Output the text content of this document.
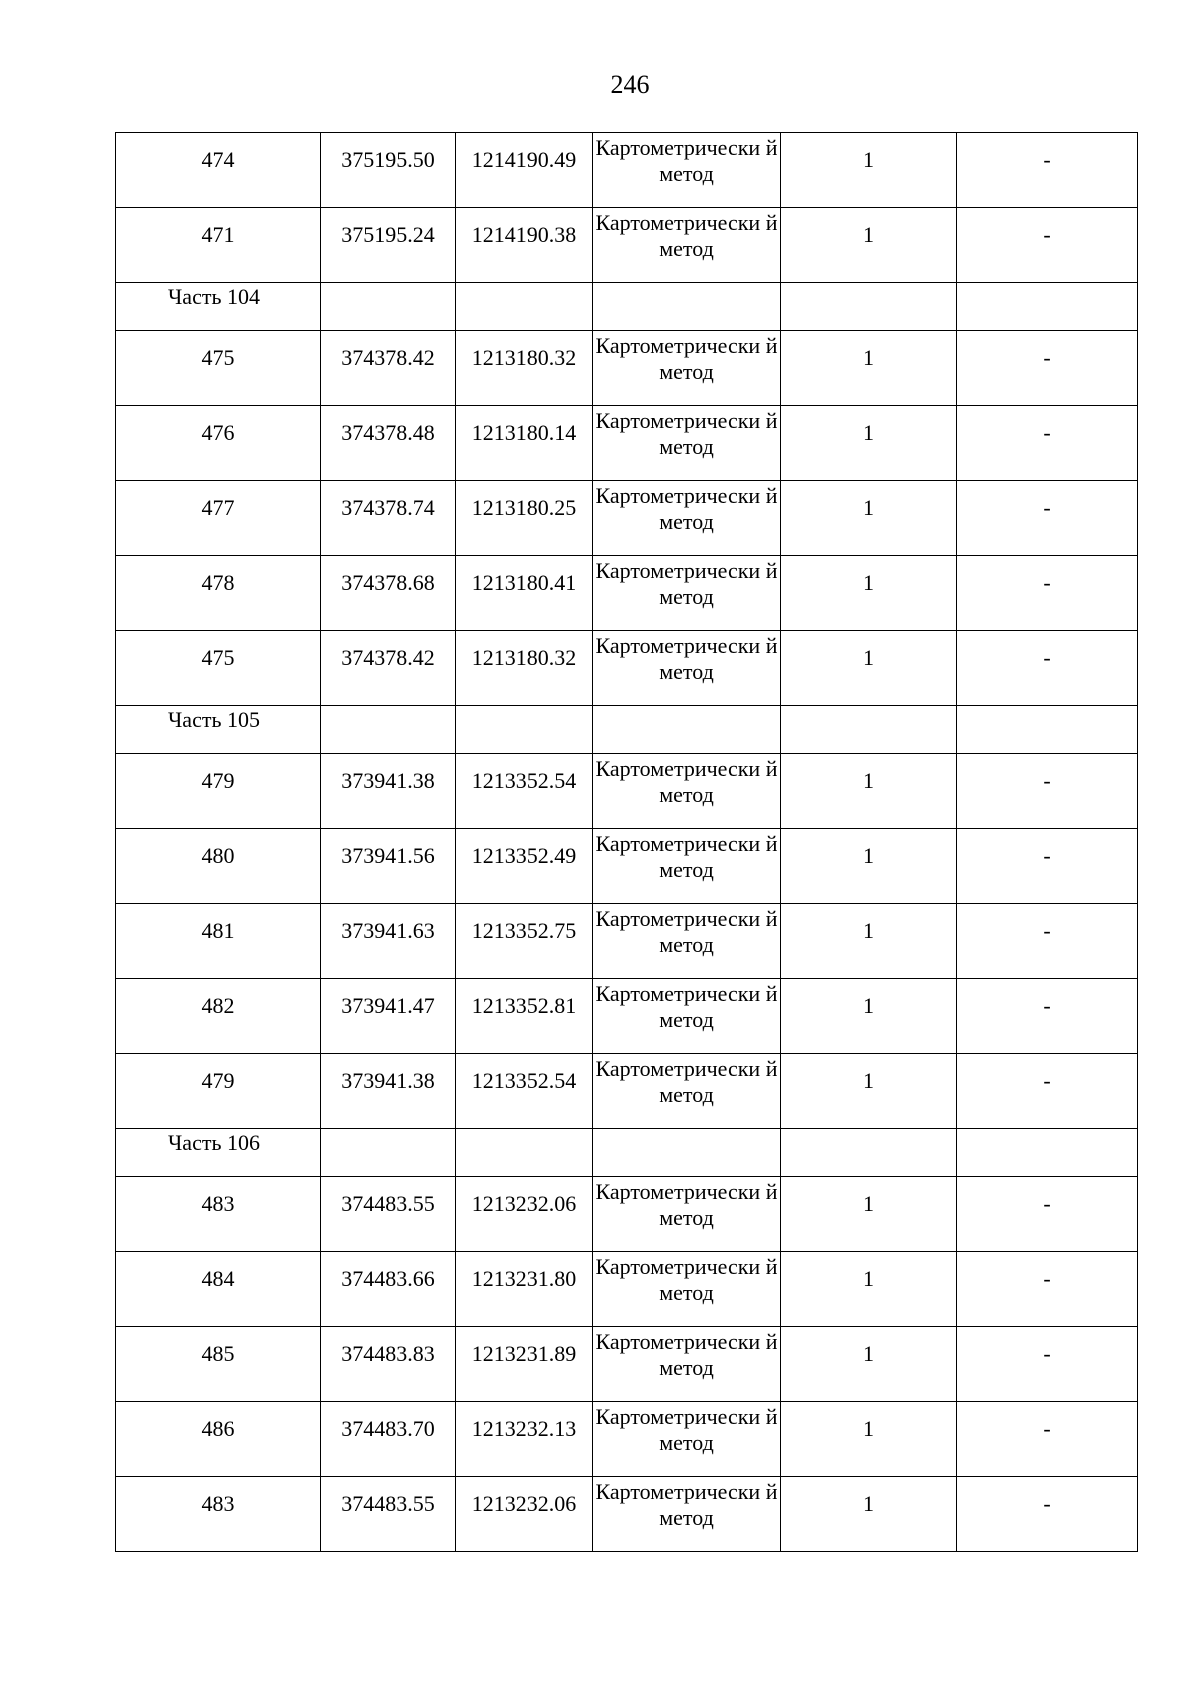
246
474	375195.50	1214190.49	Картометрически й метод	1	-
471	375195.24	1214190.38	Картометрически й метод	1	-
Часть 104					
475	374378.42	1213180.32	Картометрически й метод	1	-
476	374378.48	1213180.14	Картометрически й метод	1	-
477	374378.74	1213180.25	Картометрически й метод	1	-
478	374378.68	1213180.41	Картометрически й метод	1	-
475	374378.42	1213180.32	Картометрически й метод	1	-
Часть 105					
479	373941.38	1213352.54	Картометрически й метод	1	-
480	373941.56	1213352.49	Картометрически й метод	1	-
481	373941.63	1213352.75	Картометрически й метод	1	-
482	373941.47	1213352.81	Картометрически й метод	1	-
479	373941.38	1213352.54	Картометрически й метод	1	-
Часть 106					
483	374483.55	1213232.06	Картометрически й метод	1	-
484	374483.66	1213231.80	Картометрически й метод	1	-
485	374483.83	1213231.89	Картометрически й метод	1	-
486	374483.70	1213232.13	Картометрически й метод	1	-
483	374483.55	1213232.06	Картометрически й метод	1	-
